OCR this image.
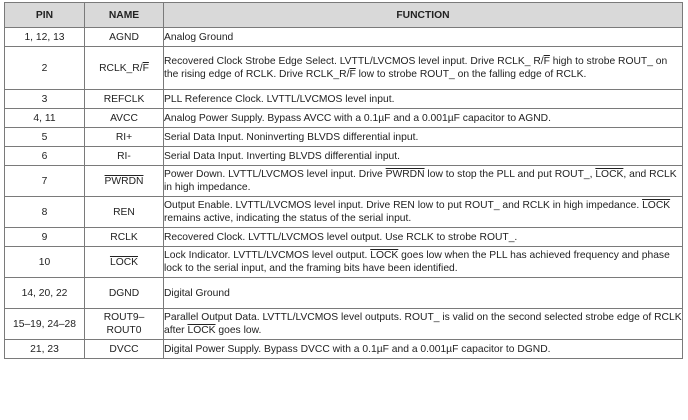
PIN	NAME	FUNCTION
1, 12, 13	AGND	Analog Ground
2	$RCLK\_R/\overline{F}$	Recovered Clock Strobe Edge Select. LVTTL/LVCMOS level input. Drive RCLK_ $R/\overline{F}$ high to strobe ROUT_ on the rising edge of RCLK. Drive $RCLK\_R/\overline{F}$ low to strobe ROUT_ on the falling edge of RCLK.
3	REFCLK	PLL Reference Clock. LVTTL/LVCMOS level input.
4, 11	AVCC	Analog Power Supply. Bypass AVCC with a 0.1µF and a 0.001µF capacitor to AGND.
5	RI+	Serial Data Input. Noninverting BLVDS differential input.
6	RI-	Serial Data Input. Inverting BLVDS differential input.
7	PWRDN	Power Down. LVTTL/LVCMOS level input. Drive PWRDN low to stop the PLL and put ROUT_, LOCK, and RCLK in high impedance.
8	REN	Output Enable. LVTTL/LVCMOS level input. Drive REN low to put ROUT_ and RCLK in high impedance. LOCK remains active, indicating the status of the serial input.
9	RCLK	Recovered Clock. LVTTL/LVCMOS level output. Use RCLK to strobe ROUT_.
10	LOCK	Lock Indicator. LVTTL/LVCMOS level output. LOCK goes low when the PLL has achieved frequency and phase lock to the serial input, and the framing bits have been identified.
14, 20, 22	DGND	Digital Ground
15–19, 24–28	ROUT9– ROUT0	Parallel Output Data. LVTTL/LVCMOS level outputs. ROUT_ is valid on the second selected strobe edge of RCLK after LOCK goes low.
21, 23	DVCC	Digital Power Supply. Bypass DVCC with a 0.1µF and a 0.001µF capacitor to DGND.
